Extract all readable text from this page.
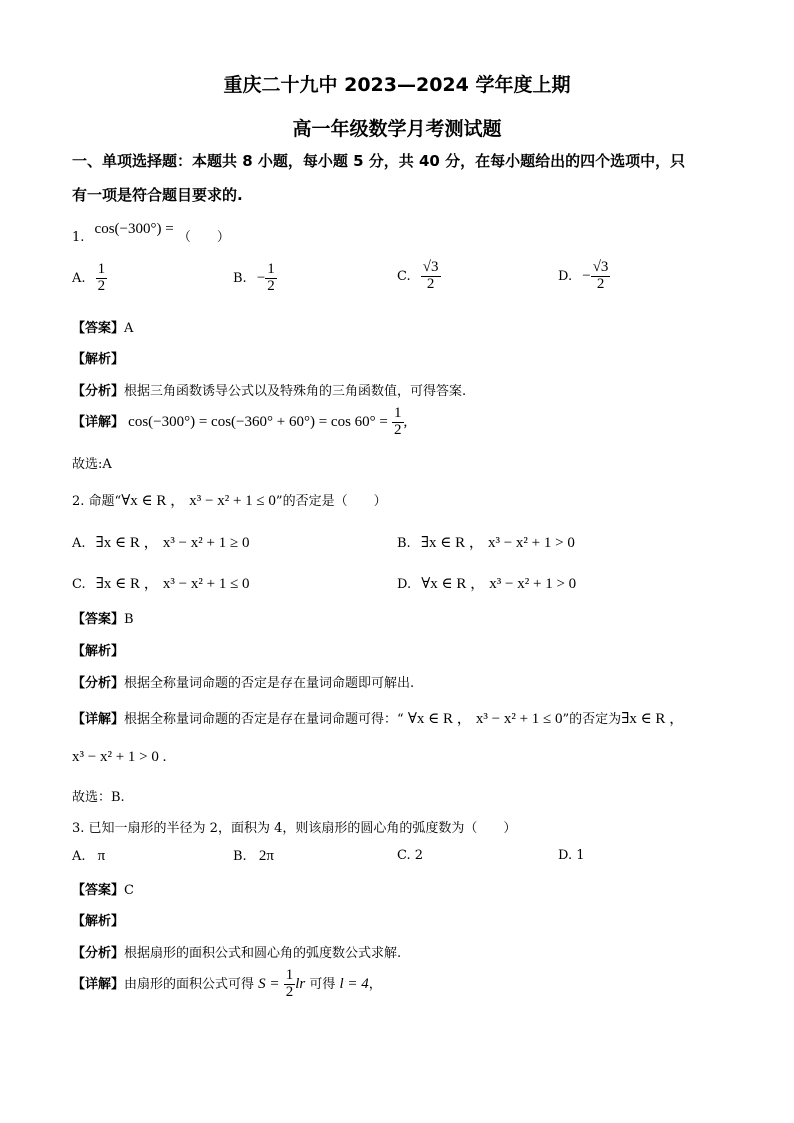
重庆二十九中 2023—2024 学年度上期
高一年级数学月考测试题
一、单项选择题：本题共 8 小题，每小题 5 分，共 40 分，在每小题给出的四个选项中，只
有一项是符合题目要求的.
1. cos(−300°) = （　　）
A. $\frac{1}{2}$	B. − $\frac{1}{2}$	C. $\frac{√3}{2}$	D. − $\frac{√3}{2}$
【答案】A
【解析】
【分析】根据三角函数诱导公式以及特殊角的三角函数值，可得答案.
【详解】 $\cos(-300^\circ) = \cos(-360^\circ + 60^\circ) = \cos 60^\circ = \frac{1}{2}$ ,
故选:A
2. 命题“∀x ∈ R ， x³ − x² + 1 ≤ 0”的否定是（　　）
A. ∃x ∈ R ， x³ − x² + 1 ≥ 0	B. ∃x ∈ R ， x³ − x² + 1 > 0
C. ∃x ∈ R ， x³ − x² + 1 ≤ 0	D. ∀x ∈ R ， x³ − x² + 1 > 0
【答案】B
【解析】
【分析】根据全称量词命题的否定是存在量词命题即可解出.
【详解】根据全称量词命题的否定是存在量词命题可得：“ ∀x ∈ R ， x³ − x² + 1 ≤ 0”的否定为∃x ∈ R ，
x³ − x² + 1 > 0 .
故选：B.
3. 已知一扇形的半径为 2，面积为 4，则该扇形的圆心角的弧度数为（　　）
A. π	B. 2π	C. 2	D. 1
【答案】C
【解析】
【分析】根据扇形的面积公式和圆心角的弧度数公式求解.
【详解】由扇形的面积公式可得 $S = \frac{1}{2}$ lr 可得 l = 4，
